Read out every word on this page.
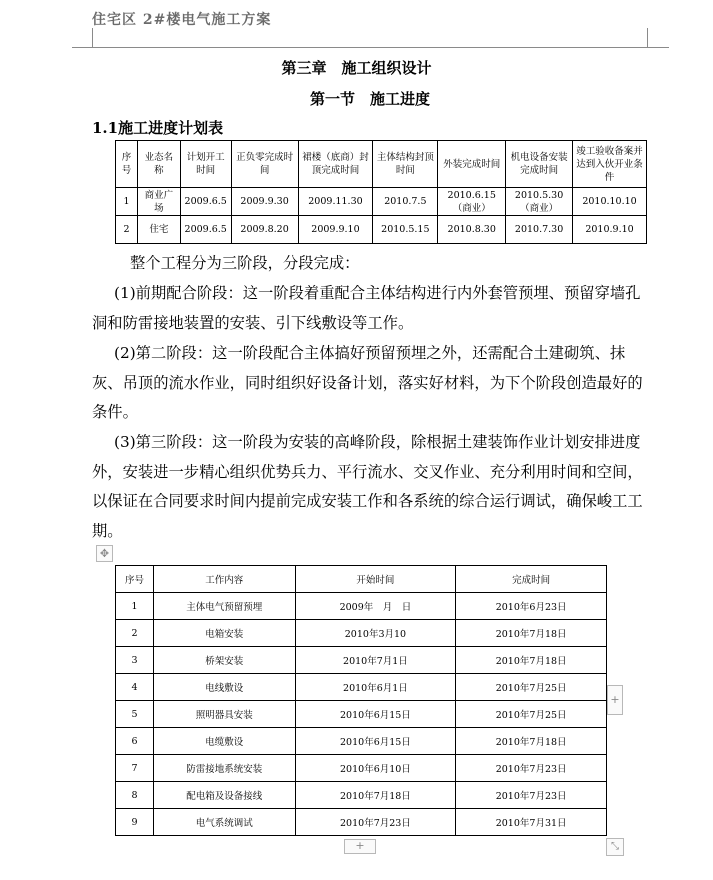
住宅区 2#楼电气施工方案
第三章　施工组织设计
第一节　施工进度
1.1施工进度计划表
序号	业态名称	计划开工时间	正负零完成时间	裙楼（底商）封顶完成时间	主体结构封顶时间	外装完成时间	机电设备安装完成时间	竣工验收备案并达到入伙开业条件
1	商业广场	2009.6.5	2009.9.30	2009.11.30	2010.7.5	2010.6.15（商业）	2010.5.30（商业）	2010.10.10
2	住宅	2009.6.5	2009.8.20	2009.9.10	2010.5.15	2010.8.30	2010.7.30	2010.9.10
整个工程分为三阶段，分段完成：
(1)前期配合阶段：这一阶段着重配合主体结构进行内外套管预埋、预留穿墙孔洞和防雷接地装置的安装、引下线敷设等工作。
(2)第二阶段：这一阶段配合主体搞好预留预埋之外，还需配合土建砌筑、抹灰、吊顶的流水作业，同时组织好设备计划，落实好材料，为下个阶段创造最好的条件。
(3)第三阶段：这一阶段为安装的高峰阶段，除根据土建装饰作业计划安排进度外，安装进一步精心组织优势兵力、平行流水、交叉作业、充分利用时间和空间，以保证在合同要求时间内提前完成安装工作和各系统的综合运行调试，确保峻工工期。
✥
序号	工作内容	开始时间	完成时间
1	主体电气预留预埋	2009年　月　日	2010年6月23日
2	电箱安装	2010年3月10	2010年7月18日
3	桥架安装	2010年7月1日	2010年7月18日
4	电线敷设	2010年6月1日	2010年7月25日
5	照明器具安装	2010年6月15日	2010年7月25日
6	电缆敷设	2010年6月15日	2010年7月18日
7	防雷接地系统安装	2010年6月10日	2010年7月23日
8	配电箱及设备接线	2010年7月18日	2010年7月23日
9	电气系统调试	2010年7月23日	2010年7月31日
+
+	⤡
